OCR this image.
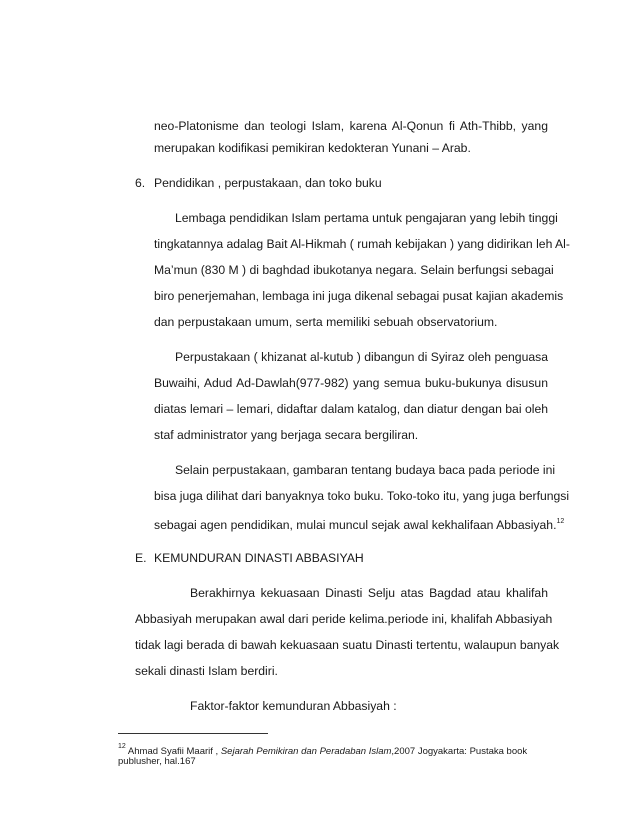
neo-Platonisme dan teologi Islam, karena Al-Qonun fi Ath-Thibb, yang
merupakan kodifikasi pemikiran kedokteran Yunani – Arab.
6. Pendidikan , perpustakaan, dan toko buku
Lembaga pendidikan Islam pertama untuk pengajaran yang lebih tinggi
tingkatannya adalag Bait Al-Hikmah ( rumah kebijakan ) yang didirikan leh Al-
Ma’mun (830 M ) di baghdad ibukotanya negara. Selain berfungsi sebagai
biro penerjemahan, lembaga ini juga dikenal sebagai pusat kajian akademis
dan perpustakaan umum, serta memiliki sebuah observatorium.
Perpustakaan ( khizanat al-kutub ) dibangun di Syiraz oleh penguasa
Buwaihi, Adud Ad-Dawlah(977-982) yang semua buku-bukunya disusun
diatas lemari – lemari, didaftar dalam katalog, dan diatur dengan bai oleh
staf administrator yang berjaga secara bergiliran.
Selain perpustakaan, gambaran tentang budaya baca pada periode ini
bisa juga dilihat dari banyaknya toko buku. Toko-toko itu, yang juga berfungsi
sebagai agen pendidikan, mulai muncul sejak awal kekhalifaan Abbasiyah.$^{12}$
E. KEMUNDURAN DINASTI ABBASIYAH
Berakhirnya kekuasaan Dinasti Selju atas Bagdad atau khalifah
Abbasiyah merupakan awal dari peride kelima.periode ini, khalifah Abbasiyah
tidak lagi berada di bawah kekuasaan suatu Dinasti tertentu, walaupun banyak
sekali dinasti Islam berdiri.
Faktor-faktor kemunduran Abbasiyah :
$^{12}$ Ahmad Syafii Maarif , Sejarah Pemikiran dan Peradaban Islam,2007 Jogyakarta: Pustaka book
publusher, hal.167
